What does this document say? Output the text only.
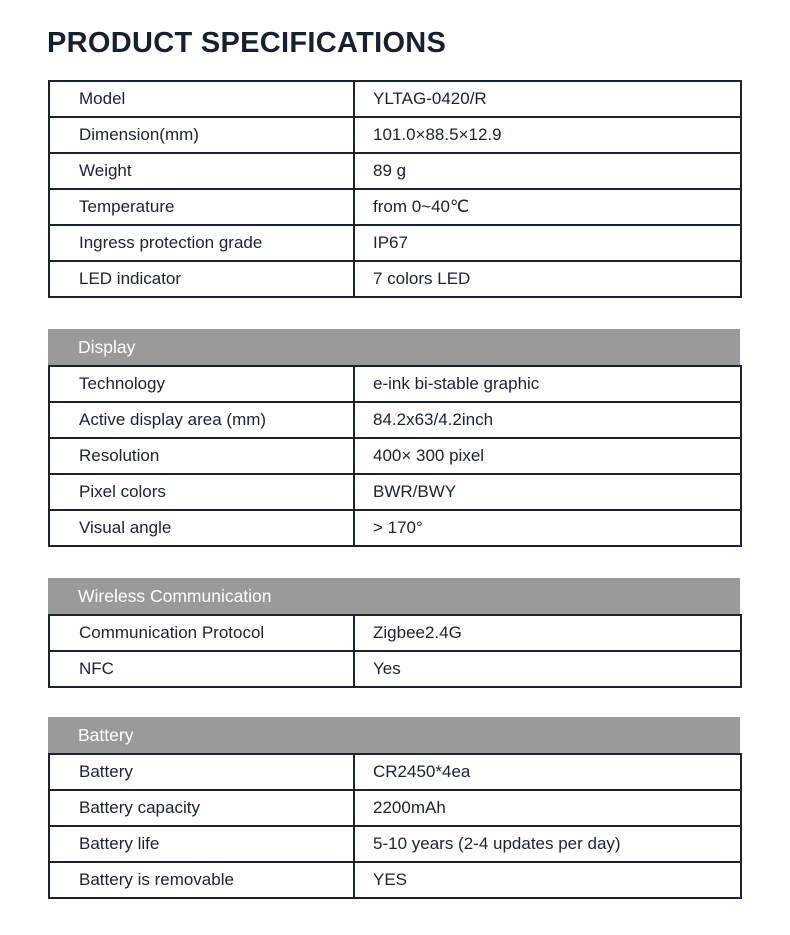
PRODUCT SPECIFICATIONS
Model	YLTAG-0420/R
Dimension(mm)	101.0×88.5×12.9
Weight	89 g
Temperature	from 0~40℃
Ingress protection grade	IP67
LED indicator	7 colors LED
Display
Technology	e-ink bi-stable graphic
Active display area (mm)	84.2x63/4.2inch
Resolution	400× 300 pixel
Pixel colors	BWR/BWY
Visual angle	> 170°
Wireless Communication
Communication Protocol	Zigbee2.4G
NFC	Yes
Battery
Battery	CR2450*4ea
Battery capacity	2200mAh
Battery life	5-10 years (2-4 updates per day)
Battery is removable	YES
